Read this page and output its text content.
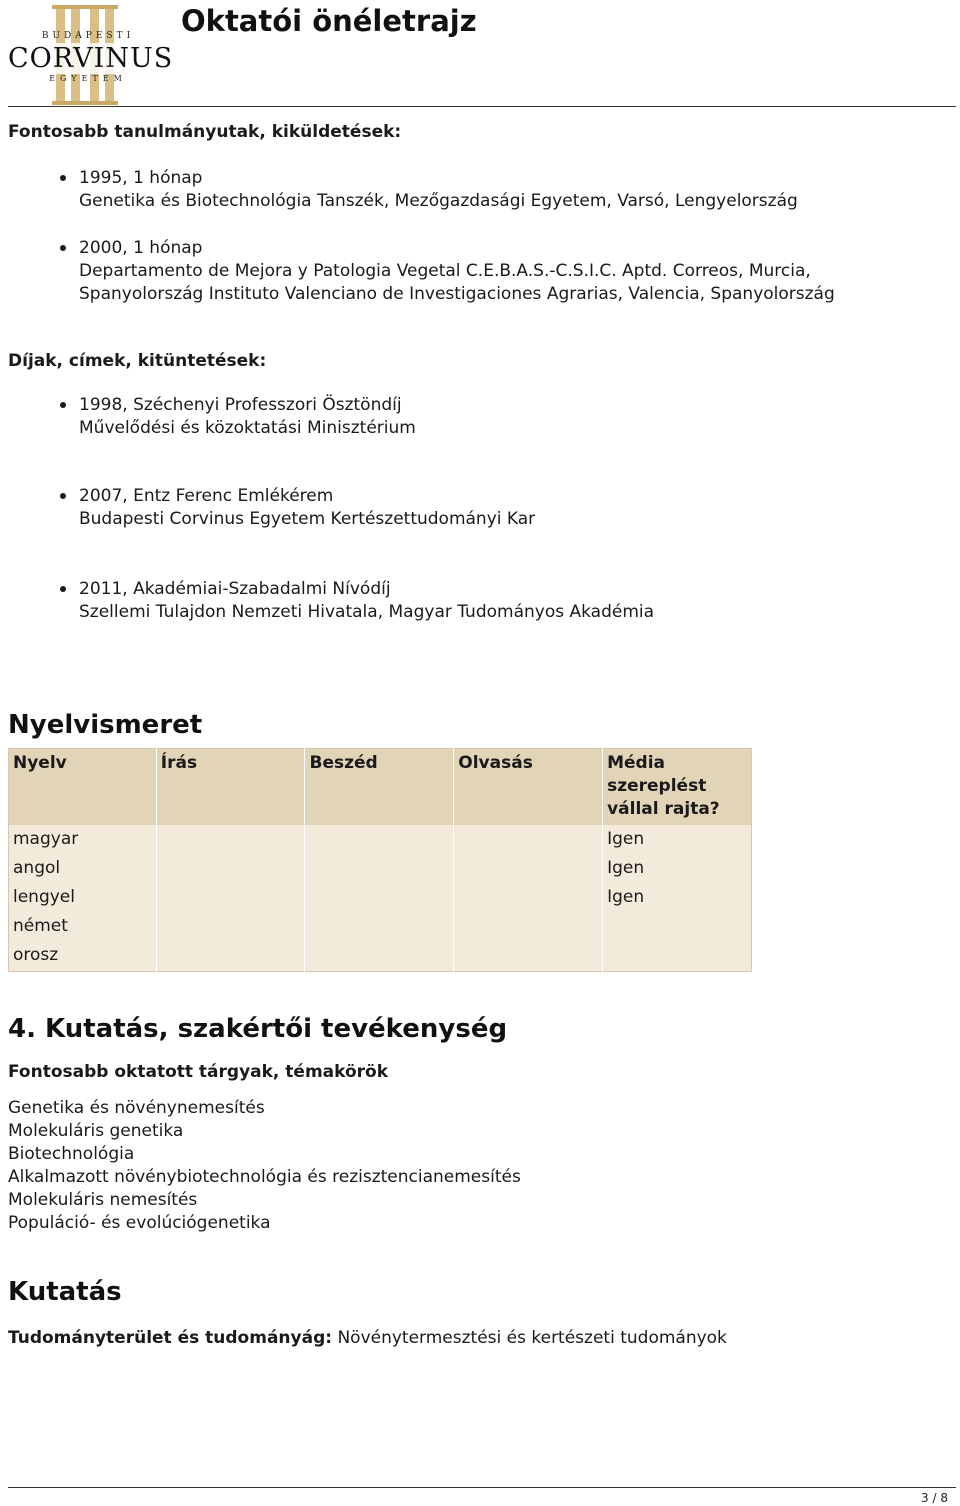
BUDAPESTI
CORVINUS
EGYETEM
Oktatói önéletrajz
Fontosabb tanulmányutak, kiküldetések:
1995, 1 hónap
Genetika és Biotechnológia Tanszék, Mezőgazdasági Egyetem, Varsó, Lengyelország
2000, 1 hónap
Departamento de Mejora y Patologia Vegetal C.E.B.A.S.-C.S.I.C. Aptd. Correos, Murcia,
Spanyolország Instituto Valenciano de Investigaciones Agrarias, Valencia, Spanyolország
Díjak, címek, kitüntetések:
1998, Széchenyi Professzori Ösztöndíj
Művelődési és közoktatási Minisztérium
2007, Entz Ferenc Emlékérem
Budapesti Corvinus Egyetem Kertészettudományi Kar
2011, Akadémiai-Szabadalmi Nívódíj
Szellemi Tulajdon Nemzeti Hivatala, Magyar Tudományos Akadémia
Nyelvismeret
Nyelv	Írás	Beszéd	Olvasás	Média szereplést vállal rajta?
magyar				Igen
angol				Igen
lengyel				Igen
német				
orosz				
4. Kutatás, szakértői tevékenység
Fontosabb oktatott tárgyak, témakörök
Genetika és növénynemesítés
Molekuláris genetika
Biotechnológia
Alkalmazott növénybiotechnológia és rezisztencianemesítés
Molekuláris nemesítés
Populáció- és evolúciógenetika
Kutatás
Tudományterület és tudományág: Növénytermesztési és kertészeti tudományok
3 / 8
